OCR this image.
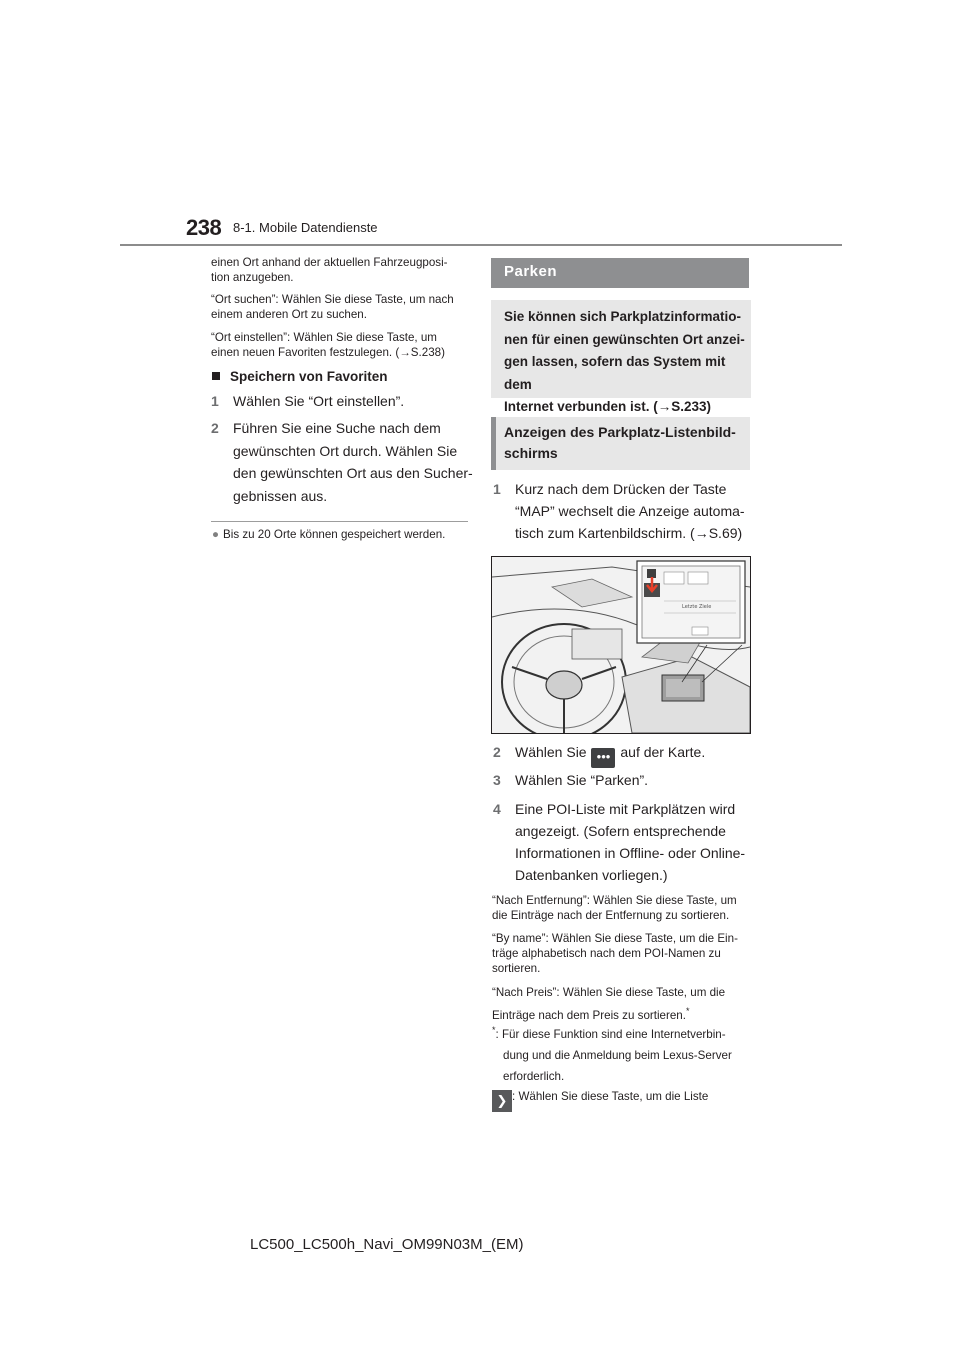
238 8-1. Mobile Datendienste
einen Ort anhand der aktuellen Fahrzeugposi-
tion anzugeben.
“Ort suchen”: Wählen Sie diese Taste, um nach
einem anderen Ort zu suchen.
“Ort einstellen”: Wählen Sie diese Taste, um
einen neuen Favoriten festzulegen. (→S.238)
Speichern von Favoriten
1 Wählen Sie “Ort einstellen”.
2 Führen Sie eine Suche nach dem
gewünschten Ort durch. Wählen Sie
den gewünschten Ort aus den Sucher-
gebnissen aus.
● Bis zu 20 Orte können gespeichert werden.
Parken
Sie können sich Parkplatzinformatio-
nen für einen gewünschten Ort anzei-
gen lassen, sofern das System mit dem
Internet verbunden ist. (→S.233)
Anzeigen des Parkplatz-Listenbild-
schirms
1 Kurz nach dem Drücken der Taste
“MAP” wechselt die Anzeige automa-
tisch zum Kartenbildschirm. (→S.69)
Letzte Ziele
2 Wählen Sie ••• auf der Karte.
3 Wählen Sie “Parken”.
4 Eine POI-Liste mit Parkplätzen wird
angezeigt. (Sofern entsprechende
Informationen in Offline- oder Online-
Datenbanken vorliegen.)
“Nach Entfernung”: Wählen Sie diese Taste, um
die Einträge nach der Entfernung zu sortieren.
“By name”: Wählen Sie diese Taste, um die Ein-
träge alphabetisch nach dem POI-Namen zu
sortieren.
“Nach Preis”: Wählen Sie diese Taste, um die
Einträge nach dem Preis zu sortieren.*
*: Für diese Funktion sind eine Internetverbin-
dung und die Anmeldung beim Lexus-Server
erforderlich.
❯ : Wählen Sie diese Taste, um die Liste
LC500_LC500h_Navi_OM99N03M_(EM)
